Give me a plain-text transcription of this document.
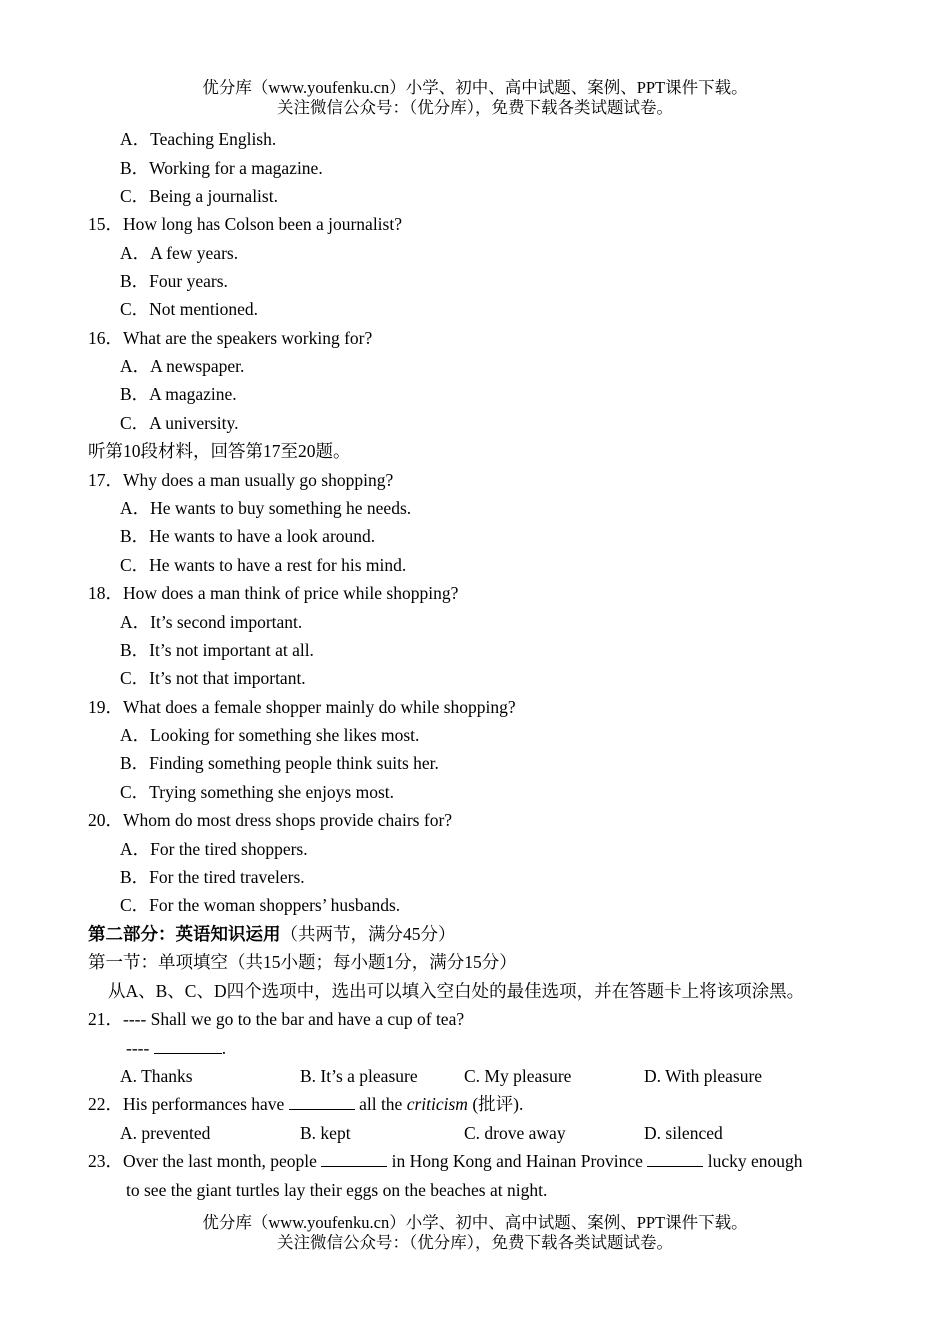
优分库（www.youfenku.cn）小学、初中、高中试题、案例、PPT课件下载。
关注微信公众号：（优分库），免费下载各类试题试卷。
A．Teaching English.
B．Working for a magazine.
C．Being a journalist.
15．How long has Colson been a journalist?
A．A few years.
B．Four years.
C．Not mentioned.
16．What are the speakers working for?
A．A newspaper.
B．A magazine.
C．A university.
听第10段材料，回答第17至20题。
17．Why does a man usually go shopping?
A．He wants to buy something he needs.
B．He wants to have a look around.
C．He wants to have a rest for his mind.
18．How does a man think of price while shopping?
A．It’s second important.
B．It’s not important at all.
C．It’s not that important.
19．What does a female shopper mainly do while shopping?
A．Looking for something she likes most.
B．Finding something people think suits her.
C．Trying something she enjoys most.
20．Whom do most dress shops provide chairs for?
A．For the tired shoppers.
B．For the tired travelers.
C．For the woman shoppers’ husbands.
第二部分：英语知识运用（共两节，满分45分）
第一节：单项填空（共15小题；每小题1分，满分15分）
从A、B、C、D四个选项中，选出可以填入空白处的最佳选项，并在答题卡上将该项涂黑。
21．---- Shall we go to the bar and have a cup of tea?
----	.
A. Thanks	B. It’s a pleasure	C. My pleasure	D. With pleasure
22．His performances have	all the criticism (批评).
A. prevented	B. kept	C. drove away	D. silenced
23．Over the last month, people	in Hong Kong and Hainan Province	lucky enough
to see the giant turtles lay their eggs on the beaches at night.
优分库（www.youfenku.cn）小学、初中、高中试题、案例、PPT课件下载。
关注微信公众号：（优分库），免费下载各类试题试卷。
